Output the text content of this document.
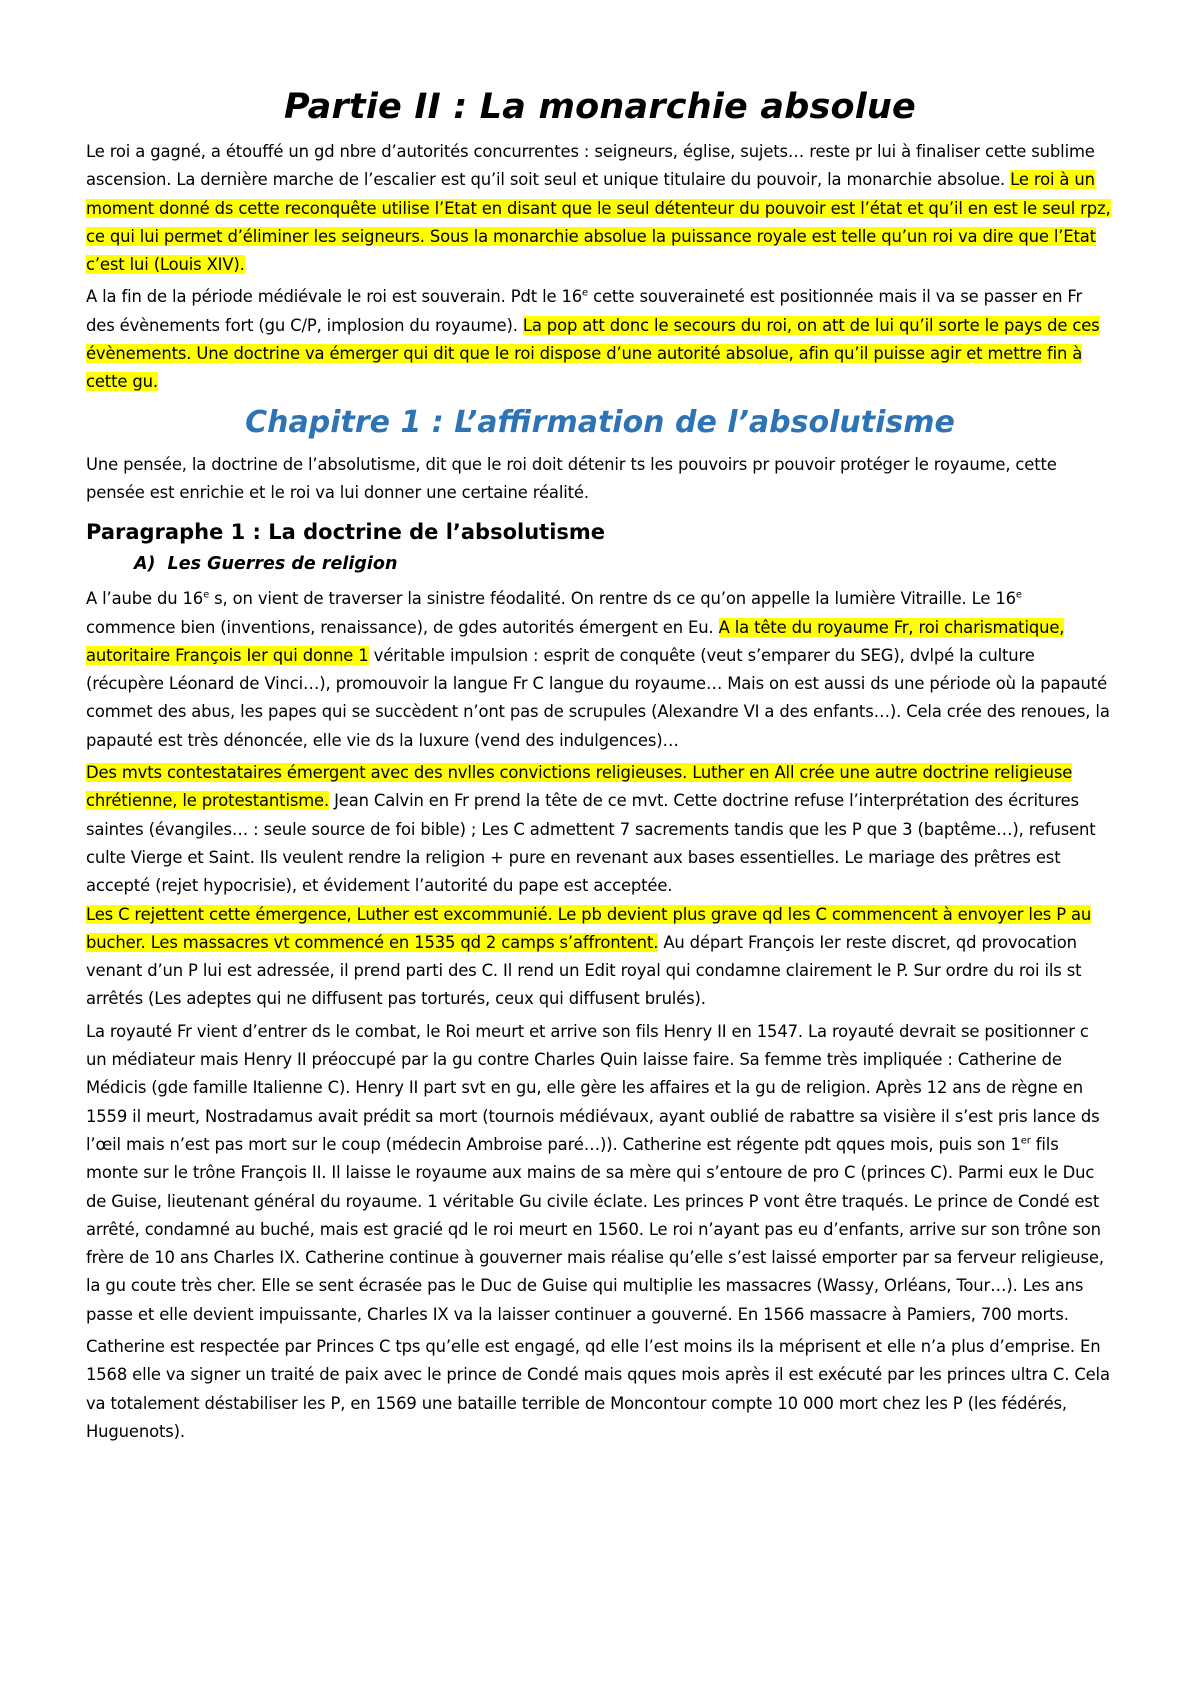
Partie II : La monarchie absolue

Le roi a gagné, a étouffé un gd nbre d’autorités concurrentes : seigneurs, église, sujets… reste pr lui à finaliser cette sublime ascension. La dernière marche de l’escalier est qu’il soit seul et unique titulaire du pouvoir, la monarchie absolue. Le roi à un moment donné ds cette reconquête utilise l’Etat en disant que le seul détenteur du pouvoir est l’état et qu’il en est le seul rpz, ce qui lui permet d’éliminer les seigneurs. Sous la monarchie absolue la puissance royale est telle qu’un roi va dire que l’Etat c’est lui (Louis XIV).

A la fin de la période médiévale le roi est souverain. Pdt le 16e cette souveraineté est positionnée mais il va se passer en Fr des évènements fort (gu C/P, implosion du royaume). La pop att donc le secours du roi, on att de lui qu’il sorte le pays de ces évènements. Une doctrine va émerger qui dit que le roi dispose d’une autorité absolue, afin qu’il puisse agir et mettre fin à cette gu.

Chapitre 1 : L’affirmation de l’absolutisme

Une pensée, la doctrine de l’absolutisme, dit que le roi doit détenir ts les pouvoirs pr pouvoir protéger le royaume, cette pensée est enrichie et le roi va lui donner une certaine réalité.

Paragraphe 1 : La doctrine de l’absolutisme
A) Les Guerres de religion

A l’aube du 16e s, on vient de traverser la sinistre féodalité. On rentre ds ce qu’on appelle la lumière Vitraille. Le 16e commence bien (inventions, renaissance), de gdes autorités émergent en Eu. A la tête du royaume Fr, roi charismatique, autoritaire François Ier qui donne 1 véritable impulsion : esprit de conquête (veut s’emparer du SEG), dvlpé la culture (récupère Léonard de Vinci…), promouvoir la langue Fr C langue du royaume… Mais on est aussi ds une période où la papauté commet des abus, les papes qui se succèdent n’ont pas de scrupules (Alexandre VI a des enfants…). Cela crée des renoues, la papauté est très dénoncée, elle vie ds la luxure (vend des indulgences)…

Des mvts contestataires émergent avec des nvlles convictions religieuses. Luther en All crée une autre doctrine religieuse chrétienne, le protestantisme. Jean Calvin en Fr prend la tête de ce mvt. Cette doctrine refuse l’interprétation des écritures saintes (évangiles… : seule source de foi bible) ; Les C admettent 7 sacrements tandis que les P que 3 (baptême…), refusent culte Vierge et Saint. Ils veulent rendre la religion + pure en revenant aux bases essentielles. Le mariage des prêtres est accepté (rejet hypocrisie), et évidement l’autorité du pape est acceptée.

Les C rejettent cette émergence, Luther est excommunié. Le pb devient plus grave qd les C commencent à envoyer les P au bucher. Les massacres vt commencé en 1535 qd 2 camps s’affrontent. Au départ François Ier reste discret, qd provocation venant d’un P lui est adressée, il prend parti des C. Il rend un Edit royal qui condamne clairement le P. Sur ordre du roi ils st arrêtés (Les adeptes qui ne diffusent pas torturés, ceux qui diffusent brulés).

La royauté Fr vient d’entrer ds le combat, le Roi meurt et arrive son fils Henry II en 1547. La royauté devrait se positionner c un médiateur mais Henry II préoccupé par la gu contre Charles Quin laisse faire. Sa femme très impliquée : Catherine de Médicis (gde famille Italienne C). Henry II part svt en gu, elle gère les affaires et la gu de religion. Après 12 ans de règne en 1559 il meurt, Nostradamus avait prédit sa mort (tournois médiévaux, ayant oublié de rabattre sa visière il s’est pris lance ds l’œil mais n’est pas mort sur le coup (médecin Ambroise paré…)). Catherine est régente pdt qques mois, puis son 1er fils monte sur le trône François II. Il laisse le royaume aux mains de sa mère qui s’entoure de pro C (princes C). Parmi eux le Duc de Guise, lieutenant général du royaume. 1 véritable Gu civile éclate. Les princes P vont être traqués. Le prince de Condé est arrêté, condamné au buché, mais est gracié qd le roi meurt en 1560. Le roi n’ayant pas eu d’enfants, arrive sur son trône son frère de 10 ans Charles IX. Catherine continue à gouverner mais réalise qu’elle s’est laissé emporter par sa ferveur religieuse, la gu coute très cher. Elle se sent écrasée pas le Duc de Guise qui multiplie les massacres (Wassy, Orléans, Tour…). Les ans passe et elle devient impuissante, Charles IX va la laisser continuer a gouverné. En 1566 massacre à Pamiers, 700 morts.

Catherine est respectée par Princes C tps qu’elle est engagé, qd elle l’est moins ils la méprisent et elle n’a plus d’emprise. En 1568 elle va signer un traité de paix avec le prince de Condé mais qques mois après il est exécuté par les princes ultra C. Cela va totalement déstabiliser les P, en 1569 une bataille terrible de Moncontour compte 10 000 mort chez les P (les fédérés, Huguenots).
